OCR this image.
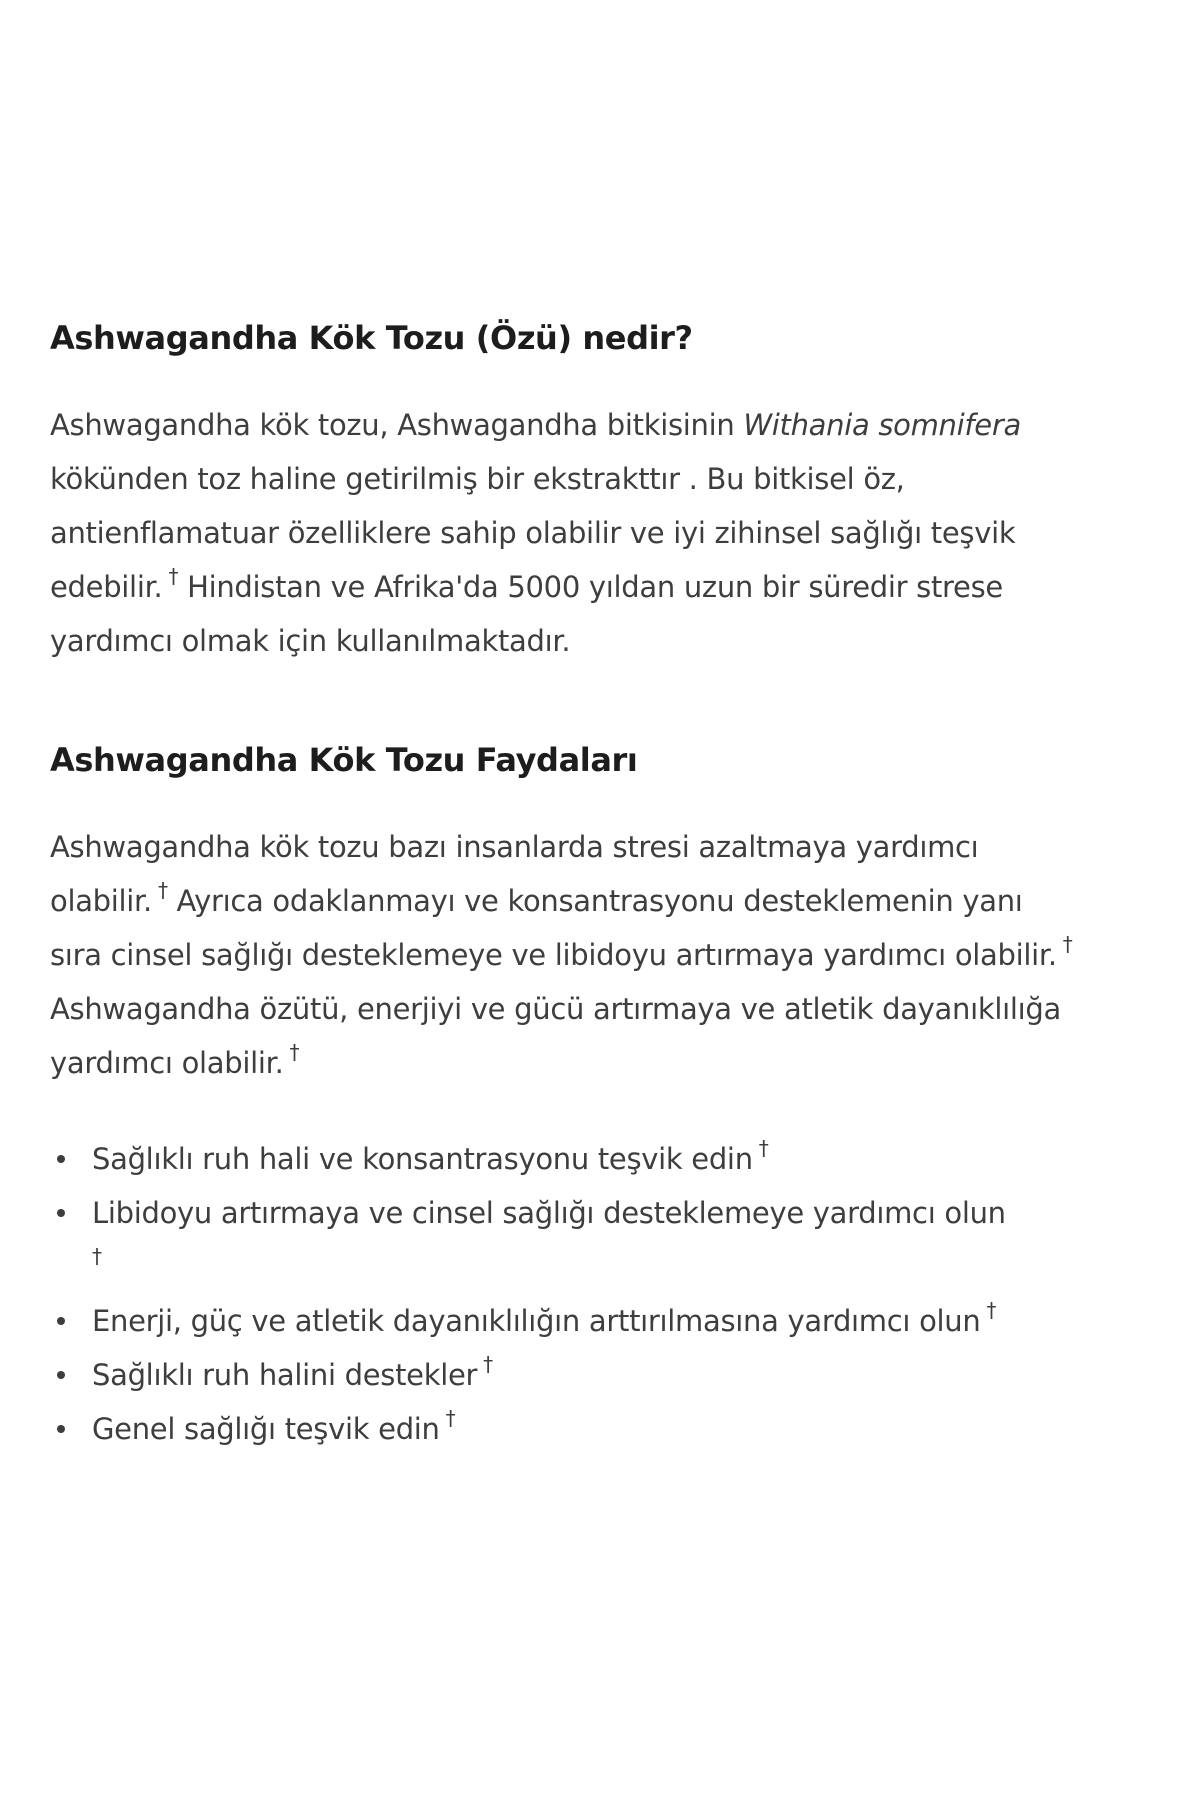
Ashwagandha Kök Tozu (Özü) nedir?

Ashwagandha kök tozu, Ashwagandha bitkisinin Withania somnifera kökünden toz haline getirilmiş bir ekstrakttır . Bu bitkisel öz, antienflamatuar özelliklere sahip olabilir ve iyi zihinsel sağlığı teşvik edebilir. † Hindistan ve Afrika'da 5000 yıldan uzun bir süredir strese yardımcı olmak için kullanılmaktadır.

Ashwagandha Kök Tozu Faydaları

Ashwagandha kök tozu bazı insanlarda stresi azaltmaya yardımcı olabilir. † Ayrıca odaklanmayı ve konsantrasyonu desteklemenin yanı sıra cinsel sağlığı desteklemeye ve libidoyu artırmaya yardımcı olabilir. † Ashwagandha özütü, enerjiyi ve gücü artırmaya ve atletik dayanıklılığa yardımcı olabilir. †

Sağlıklı ruh hali ve konsantrasyonu teşvik edin †
Libidoyu artırmaya ve cinsel sağlığı desteklemeye yardımcı olun
†
Enerji, güç ve atletik dayanıklılığın arttırılmasına yardımcı olun †
Sağlıklı ruh halini destekler †
Genel sağlığı teşvik edin †
